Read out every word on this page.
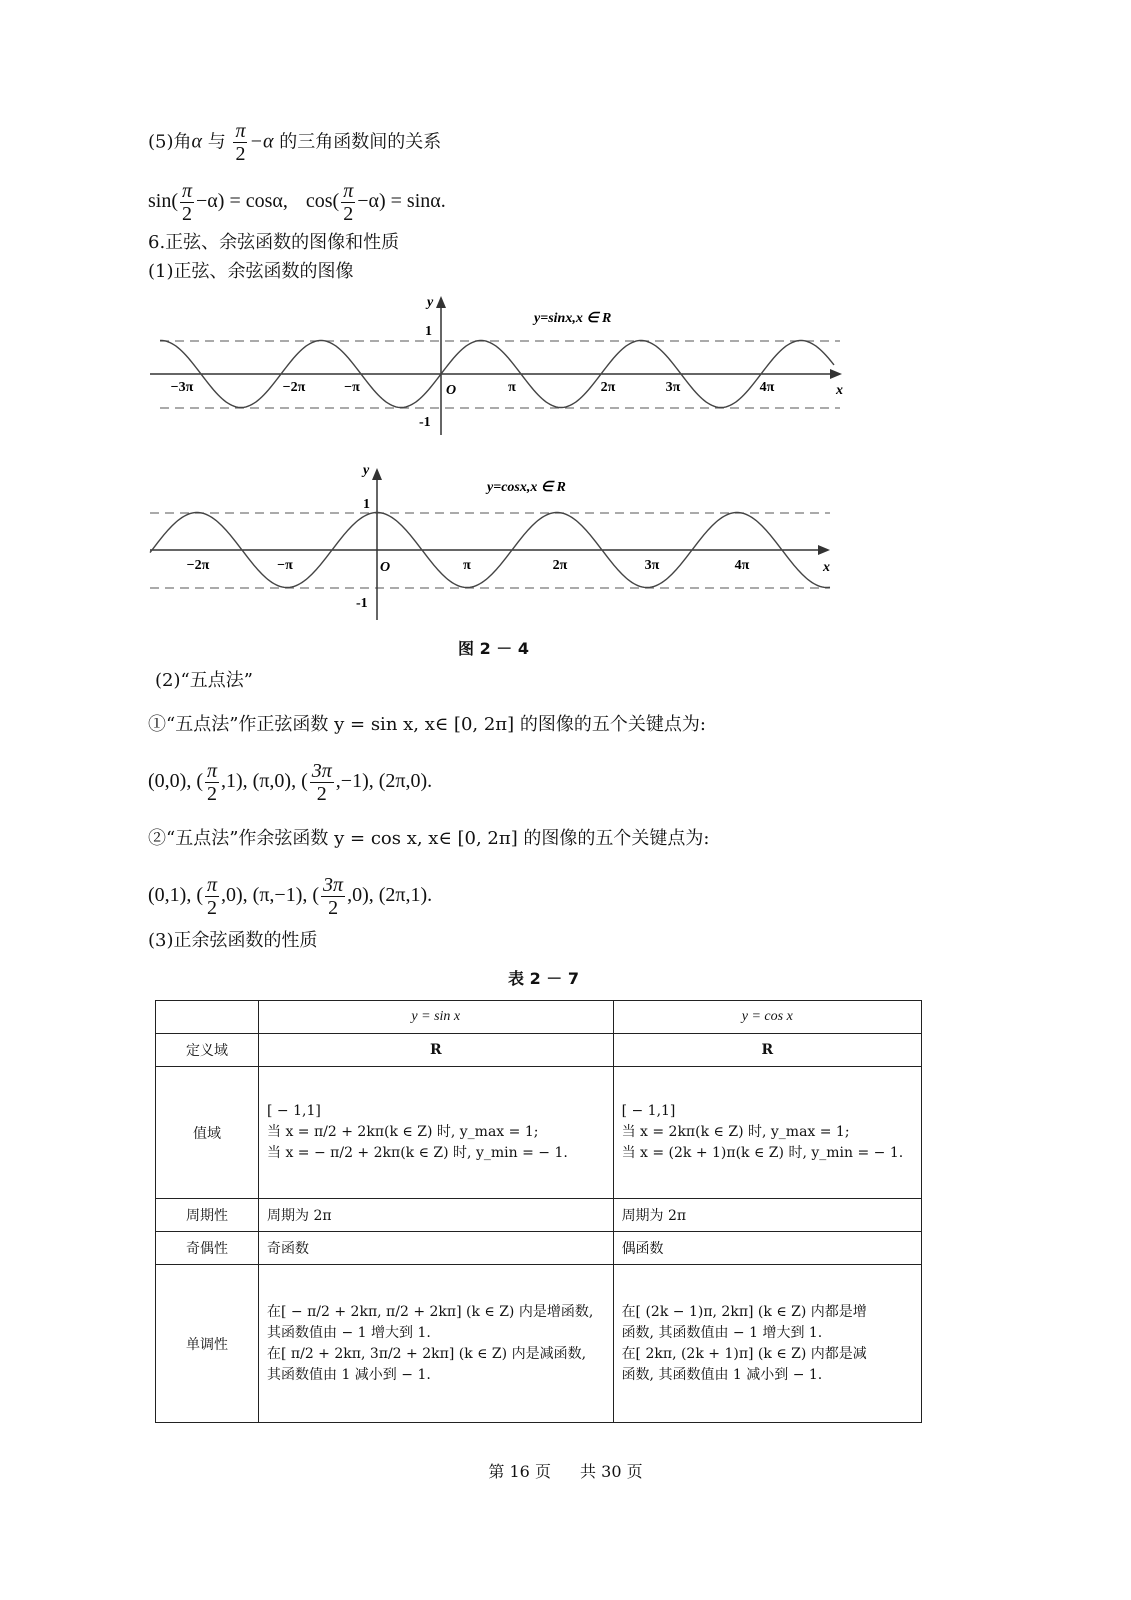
(5)角α 与 $\frac{\pi}{2} -\alpha$ 的三角函数间的关系
$\sin( \frac{\pi}{2} -\alpha) = \cos\alpha$, $\cos( \frac{\pi}{2} -\alpha) = \sin\alpha$.
6.正弦、余弦函数的图像和性质
(1)正弦、余弦函数的图像
y=sinx,x ∈ R
y
x
O
1
-1
−3π	−2π	−π	π	2π	3π	4π
y=cosx,x ∈ R
y
x
O
1
-1
−2π	−π	π	2π	3π	4π
图 2 － 4
(2)“五点法”
①“五点法”作正弦函数 y = sin x, x∈ [0, 2π] 的图像的五个关键点为:
(0,0), ( $\frac{\pi}{2} ,1$), (π,0), ( $\frac{3\pi}{2} ,-1$), (2π,0).
②“五点法”作余弦函数 y = cos x, x∈ [0, 2π] 的图像的五个关键点为:
(0,1), ( $\frac{\pi}{2} ,0$), (π,−1), ( $\frac{3\pi}{2} ,0$), (2π,1).
(3)正余弦函数的性质
表 2 － 7
	y = sin x	y = cos x
定义域	R	R
值域	[ − 1,1]
当 x = π/2 + 2kπ(k ∈ Z) 时, y_max = 1;
当 x = − π/2 + 2kπ(k ∈ Z) 时, y_min = − 1.	[ − 1,1]
当 x = 2kπ(k ∈ Z) 时, y_max = 1;
当 x = (2k + 1)π(k ∈ Z) 时, y_min = − 1.

周期性	周期为 2π	周期为 2π
奇偶性	奇函数	偶函数
单调性	在[ − π/2 + 2kπ, π/2 + 2kπ] (k ∈ Z) 内是增函数,
其函数值由 − 1 增大到 1.
在[ π/2 + 2kπ, 3π/2 + 2kπ] (k ∈ Z) 内是减函数,
其函数值由 1 减小到 − 1.	在[ (2k − 1)π, 2kπ] (k ∈ Z) 内都是增
函数, 其函数值由 − 1 增大到 1.
在[ 2kπ, (2k + 1)π] (k ∈ Z) 内都是减
函数, 其函数值由 1 减小到 − 1.
第 16 页 共 30 页
